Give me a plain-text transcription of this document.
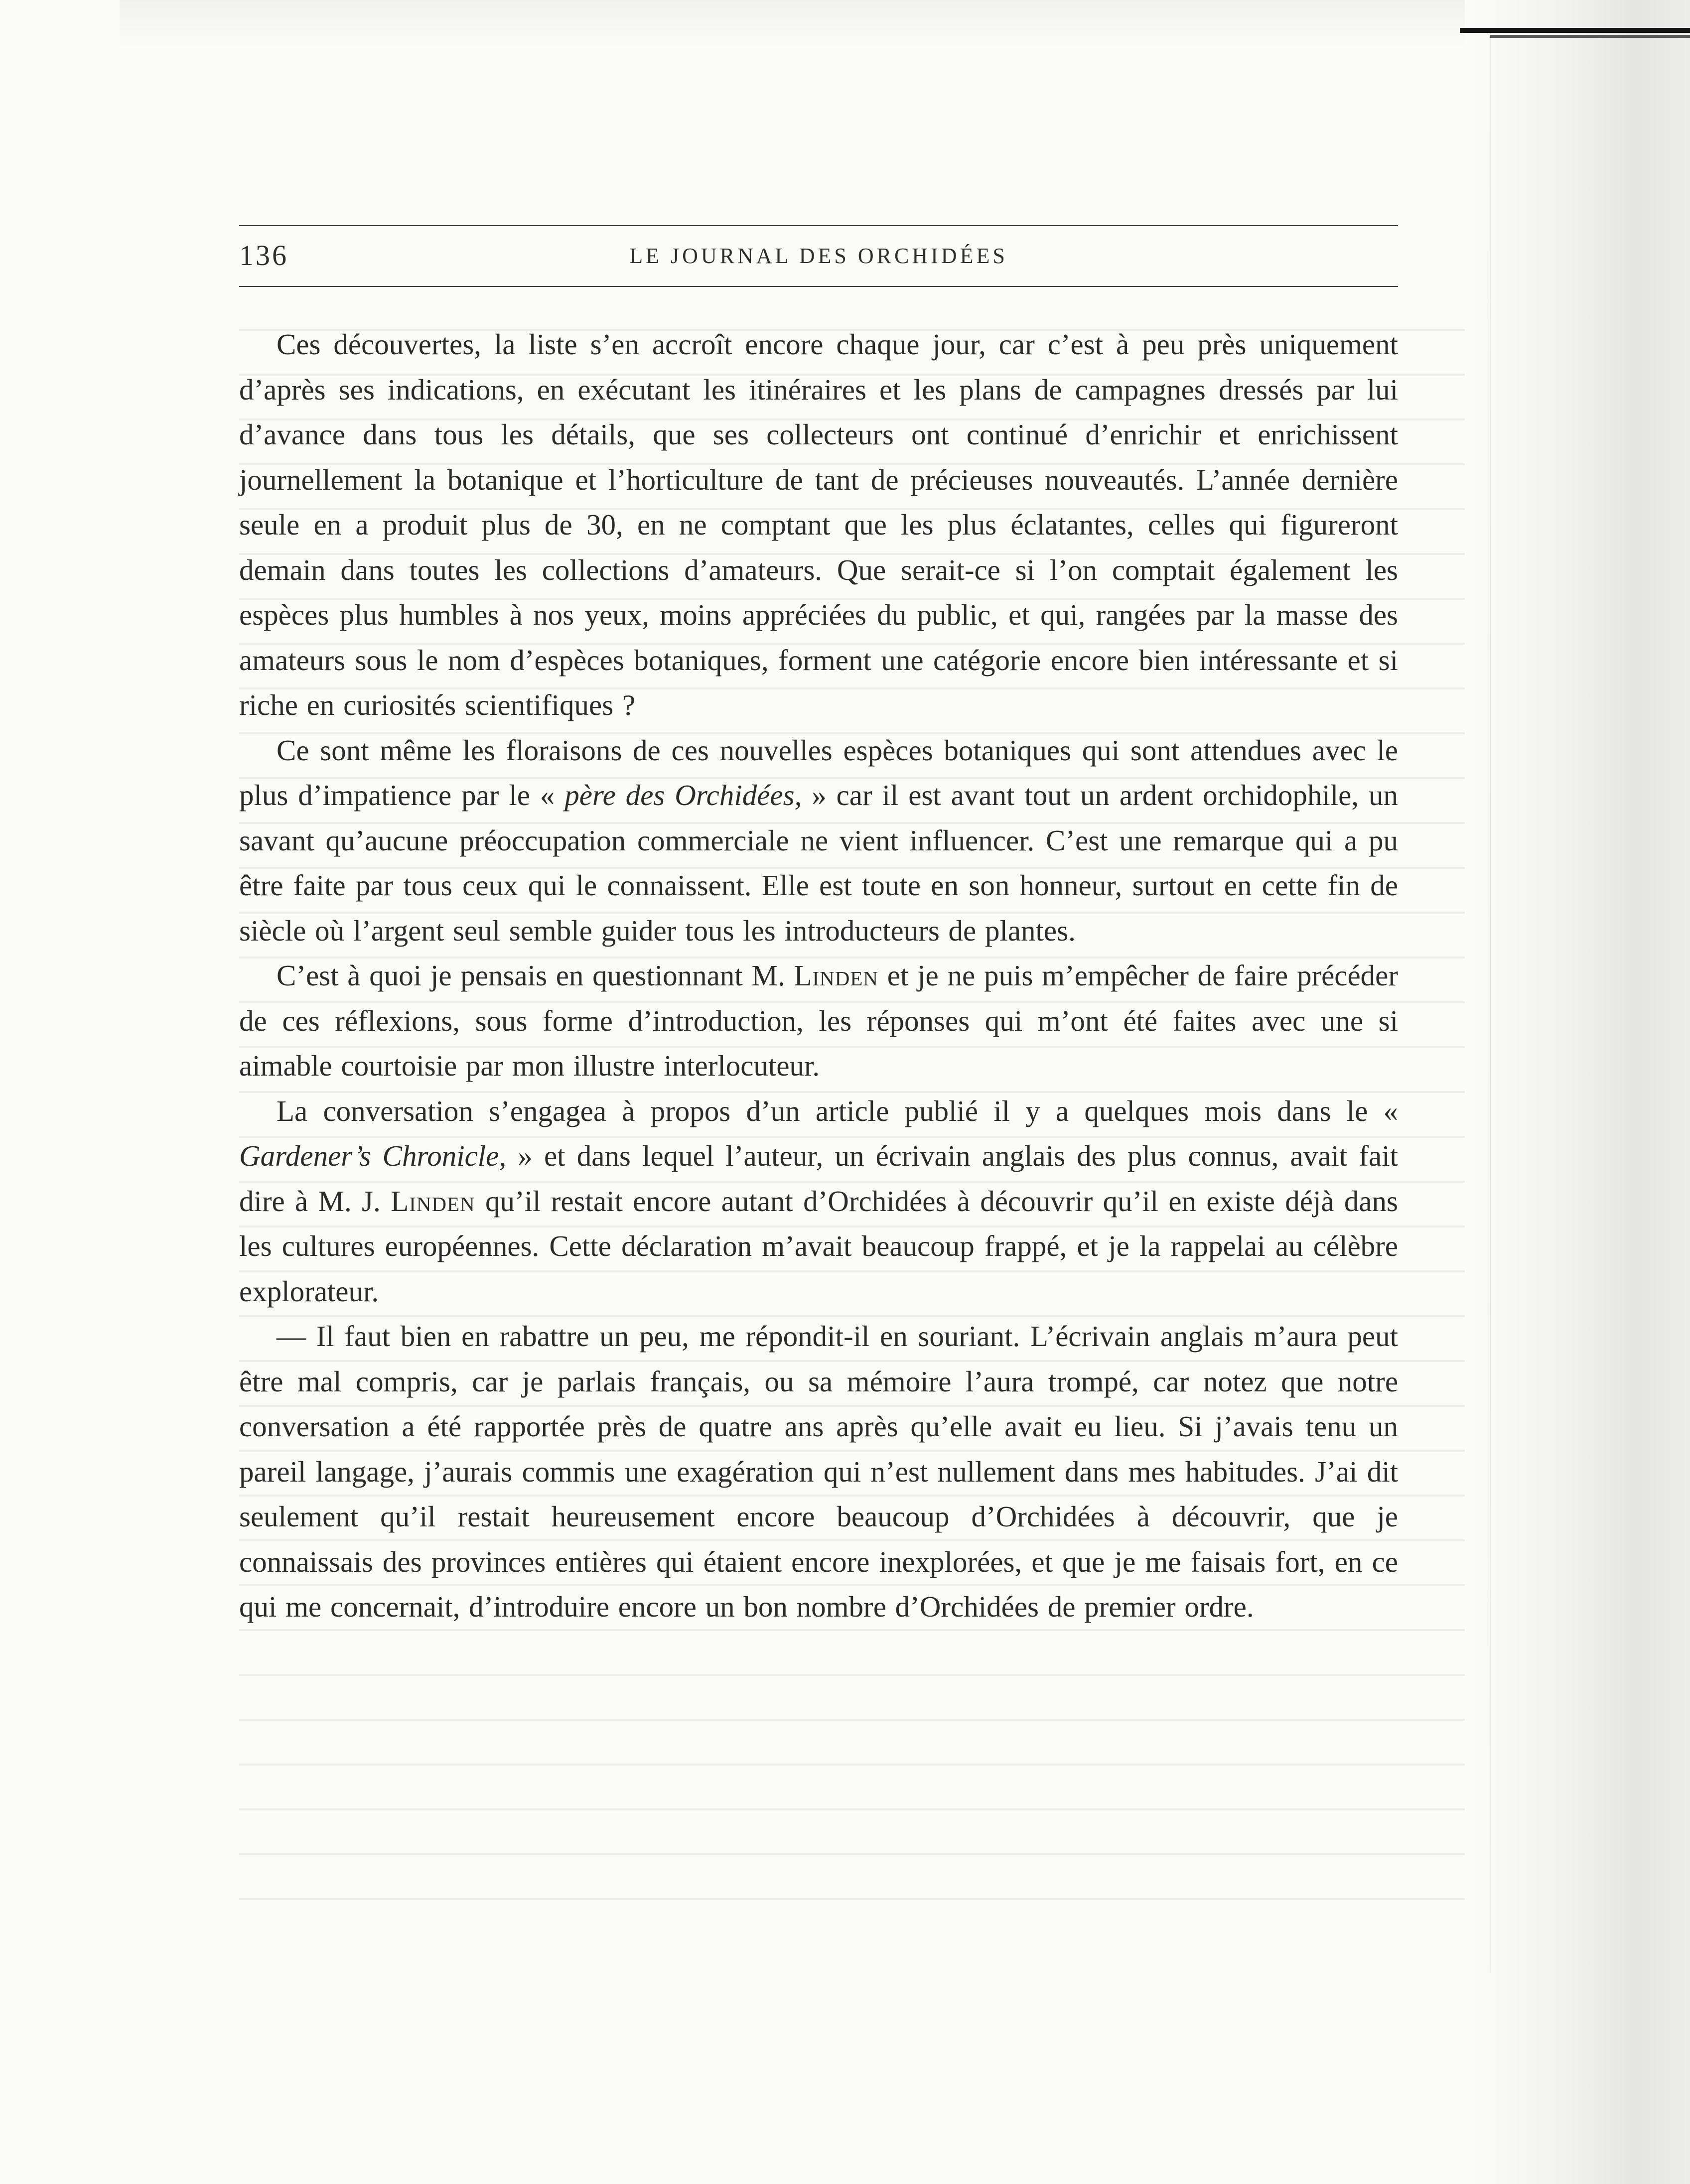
136	LE JOURNAL DES ORCHIDÉES

Ces découvertes, la liste s’en accroît encore chaque jour, car c’est à peu près uniquement d’après ses indications, en exécutant les itinéraires et les plans de campagnes dressés par lui d’avance dans tous les détails, que ses collecteurs ont continué d’enrichir et enrichissent journellement la botanique et l’horticulture de tant de précieuses nouveautés. L’année dernière seule en a produit plus de 30, en ne comptant que les plus éclatantes, celles qui figureront demain dans toutes les collections d’amateurs. Que serait-ce si l’on comptait également les espèces plus humbles à nos yeux, moins appréciées du public, et qui, rangées par la masse des amateurs sous le nom d’espèces botaniques, forment une catégorie encore bien intéressante et si riche en curiosités scientifiques ?

Ce sont même les floraisons de ces nouvelles espèces botaniques qui sont attendues avec le plus d’impatience par le « père des Orchidées, » car il est avant tout un ardent orchidophile, un savant qu’aucune préoccupation commerciale ne vient influencer. C’est une remarque qui a pu être faite par tous ceux qui le connaissent. Elle est toute en son honneur, surtout en cette fin de siècle où l’argent seul semble guider tous les introducteurs de plantes.

C’est à quoi je pensais en questionnant M. Linden et je ne puis m’empêcher de faire précéder de ces réflexions, sous forme d’introduction, les réponses qui m’ont été faites avec une si aimable courtoisie par mon illustre interlocuteur.

La conversation s’engagea à propos d’un article publié il y a quelques mois dans le « Gardener’s Chronicle, » et dans lequel l’auteur, un écrivain anglais des plus connus, avait fait dire à M. J. Linden qu’il restait encore autant d’Orchidées à découvrir qu’il en existe déjà dans les cultures européennes. Cette déclaration m’avait beaucoup frappé, et je la rappelai au célèbre explorateur.

— Il faut bien en rabattre un peu, me répondit-il en souriant. L’écrivain anglais m’aura peut être mal compris, car je parlais français, ou sa mémoire l’aura trompé, car notez que notre conversation a été rapportée près de quatre ans après qu’elle avait eu lieu. Si j’avais tenu un pareil langage, j’aurais commis une exagération qui n’est nullement dans mes habitudes. J’ai dit seulement qu’il restait heureusement encore beaucoup d’Orchidées à découvrir, que je connaissais des provinces entières qui étaient encore inexplorées, et que je me faisais fort, en ce qui me concernait, d’introduire encore un bon nombre d’Orchidées de premier ordre.
